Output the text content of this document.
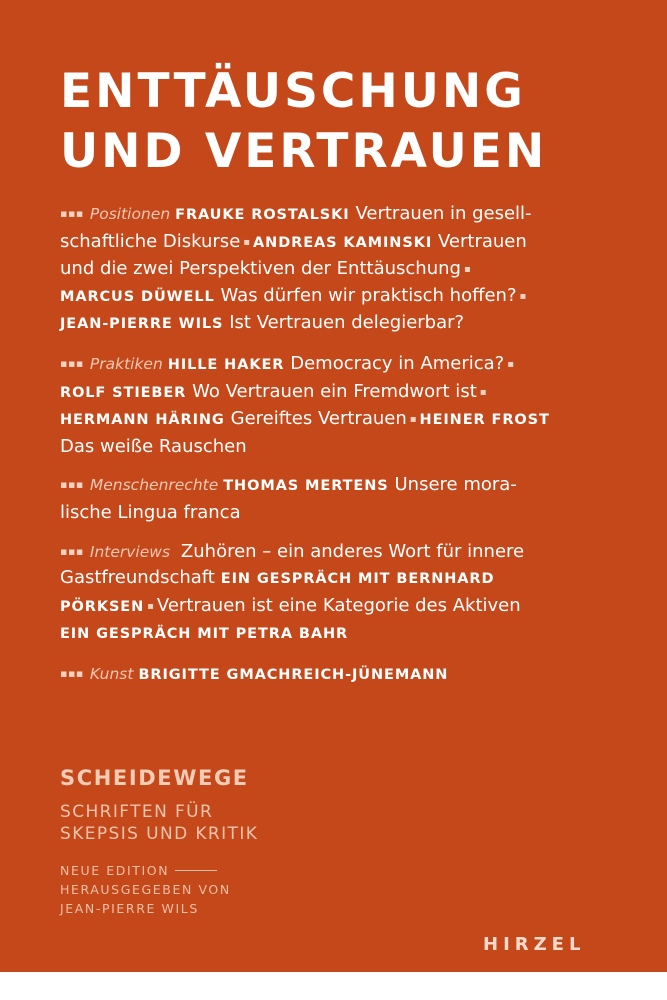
ENTTÄUSCHUNG
UND VERTRAUEN
▪▪▪ Positionen FRAUKE ROSTALSKI Vertrauen in gesell-
schaftliche Diskurse ▪ ANDREAS KAMINSKI Vertrauen
und die zwei Perspektiven der Enttäuschung ▪
MARCUS DÜWELL Was dürfen wir praktisch hoffen? ▪
JEAN-PIERRE WILS Ist Vertrauen delegierbar?
▪▪▪ Praktiken HILLE HAKER Democracy in America? ▪
ROLF STIEBER Wo Vertrauen ein Fremdwort ist ▪
HERMANN HÄRING Gereiftes Vertrauen ▪ HEINER FROST
Das weiße Rauschen
▪▪▪ Menschenrechte THOMAS MERTENS Unsere mora-
lische Lingua franca
▪▪▪ Interviews Zuhören – ein anderes Wort für innere
Gastfreundschaft EIN GESPRÄCH MIT BERNHARD
PÖRKSEN ▪ Vertrauen ist eine Kategorie des Aktiven
EIN GESPRÄCH MIT PETRA BAHR
▪▪▪ Kunst BRIGITTE GMACHREICH-JÜNEMANN
SCHEIDEWEGE
SCHRIFTEN FÜR
SKEPSIS UND KRITIK
NEUE EDITION
HERAUSGEGEBEN VON
JEAN-PIERRE WILS
HIRZEL
